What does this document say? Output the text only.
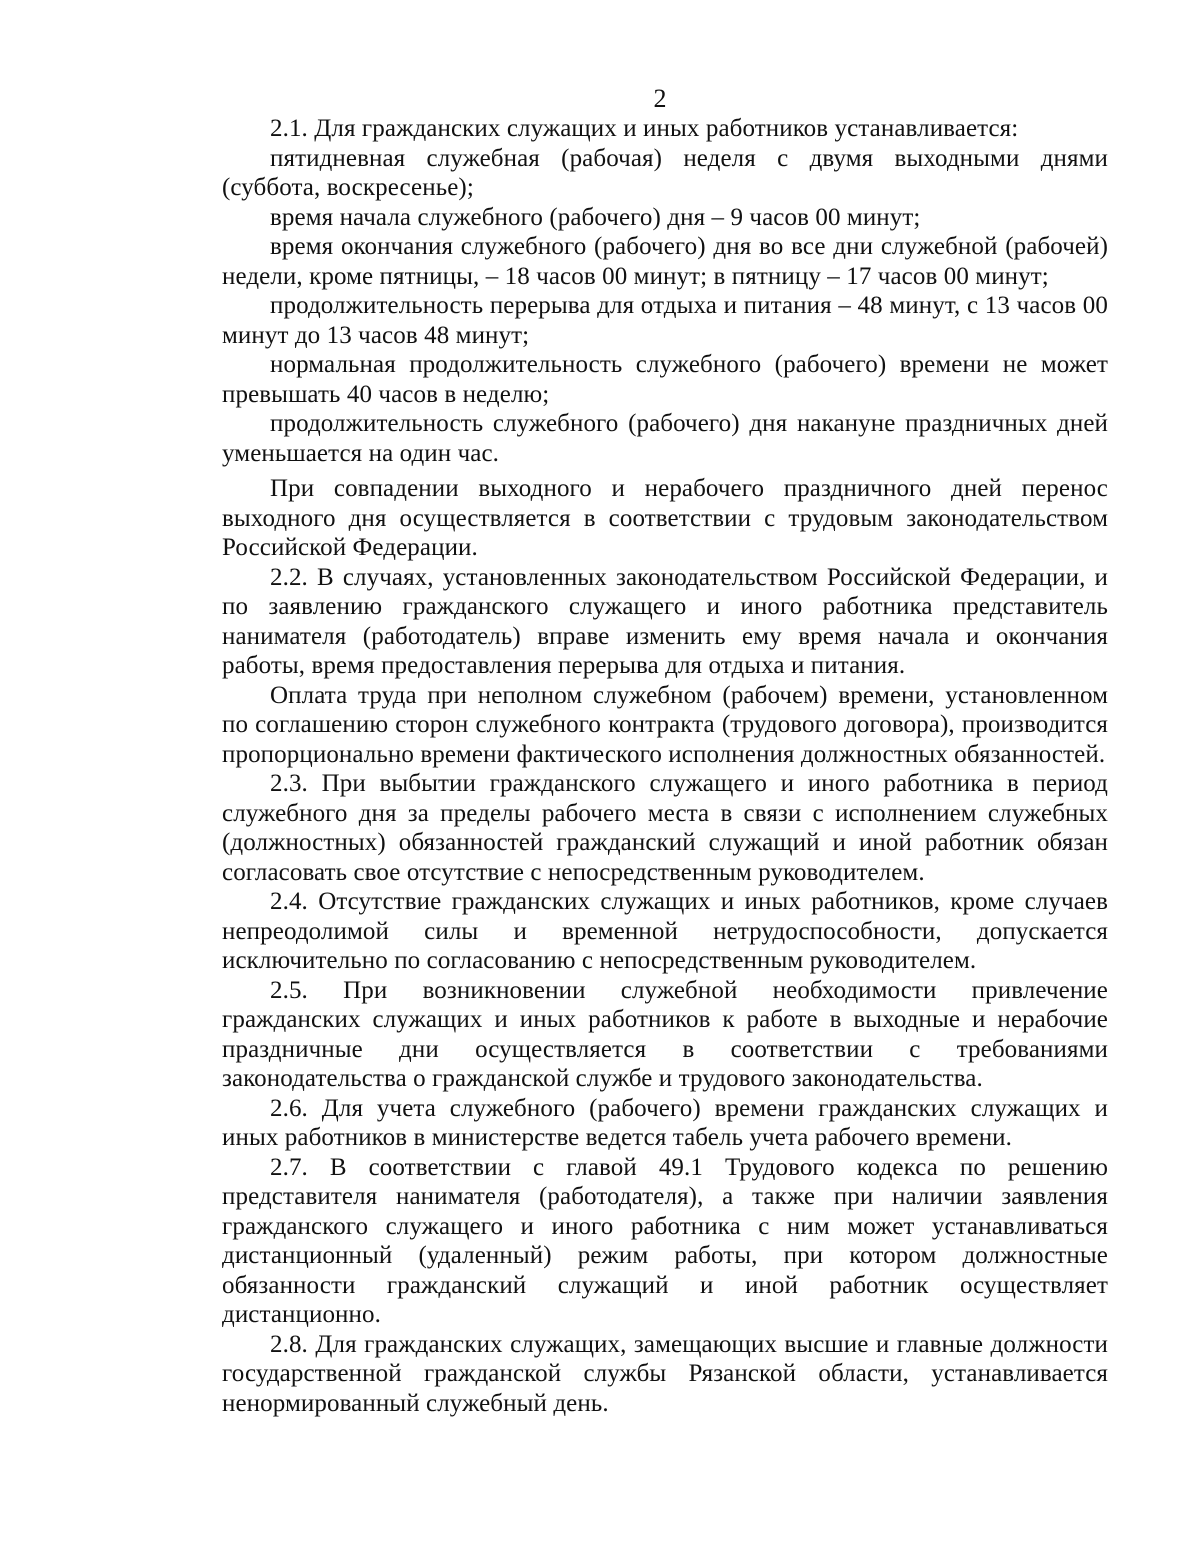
2

2.1. Для гражданских служащих и иных работников устанавливается:

пятидневная служебная (рабочая) неделя с двумя выходными днями (суббота, воскресенье);

время начала служебного (рабочего) дня – 9 часов 00 минут;

время окончания служебного (рабочего) дня во все дни служебной (рабочей) недели, кроме пятницы, – 18 часов 00 минут; в пятницу – 17 часов 00 минут;

продолжительность перерыва для отдыха и питания – 48 минут, с 13 часов 00 минут до 13 часов 48 минут;

нормальная продолжительность служебного (рабочего) времени не может превышать 40 часов в неделю;

продолжительность служебного (рабочего) дня накануне праздничных дней уменьшается на один час.

При совпадении выходного и нерабочего праздничного дней перенос выходного дня осуществляется в соответствии с трудовым законодательством Российской Федерации.

2.2. В случаях, установленных законодательством Российской Федерации, и по заявлению гражданского служащего и иного работника представитель нанимателя (работодатель) вправе изменить ему время начала и окончания работы, время предоставления перерыва для отдыха и питания.

Оплата труда при неполном служебном (рабочем) времени, установленном по соглашению сторон служебного контракта (трудового договора), производится пропорционально времени фактического исполнения должностных обязанностей.

2.3. При выбытии гражданского служащего и иного работника в период служебного дня за пределы рабочего места в связи с исполнением служебных (должностных) обязанностей гражданский служащий и иной работник обязан согласовать свое отсутствие с непосредственным руководителем.

2.4. Отсутствие гражданских служащих и иных работников, кроме случаев непреодолимой силы и временной нетрудоспособности, допускается исключительно по согласованию с непосредственным руководителем.

2.5. При возникновении служебной необходимости привлечение гражданских служащих и иных работников к работе в выходные и нерабочие праздничные дни осуществляется в соответствии с требованиями законодательства о гражданской службе и трудового законодательства.

2.6. Для учета служебного (рабочего) времени гражданских служащих и иных работников в министерстве ведется табель учета рабочего времени.

2.7. В соответствии с главой 49.1 Трудового кодекса по решению представителя нанимателя (работодателя), а также при наличии заявления гражданского служащего и иного работника с ним может устанавливаться дистанционный (удаленный) режим работы, при котором должностные обязанности гражданский служащий и иной работник осуществляет дистанционно.

2.8. Для гражданских служащих, замещающих высшие и главные должности государственной гражданской службы Рязанской области, устанавливается ненормированный служебный день.
